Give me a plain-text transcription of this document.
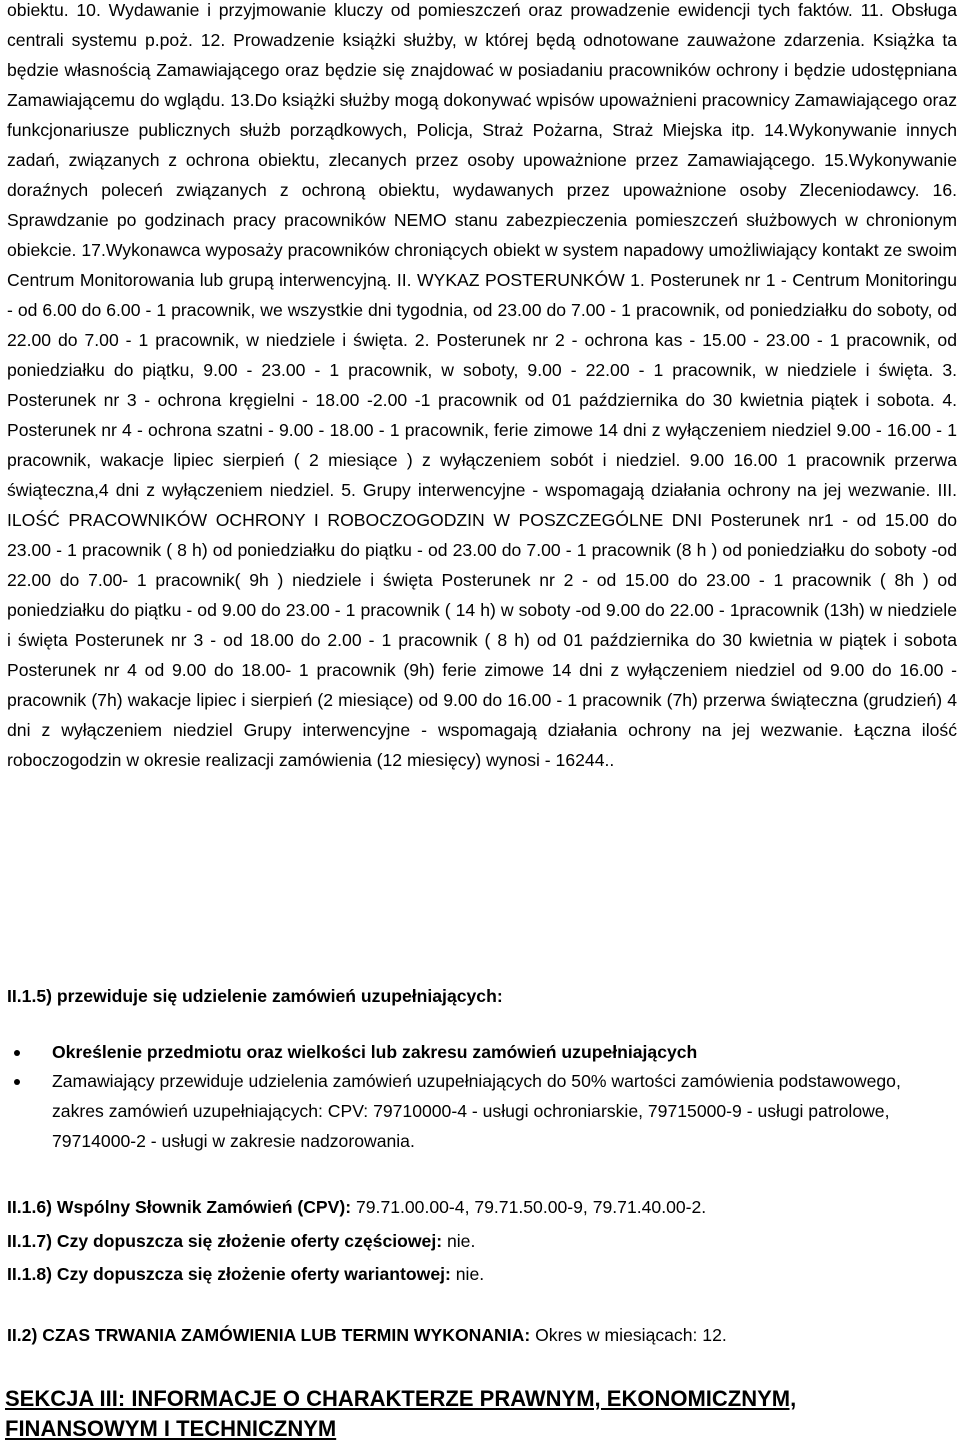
obiektu. 10. Wydawanie i przyjmowanie kluczy od pomieszczeń oraz prowadzenie ewidencji tych faktów. 11. Obsługa centrali systemu p.poż. 12. Prowadzenie książki służby, w której będą odnotowane zauważone zdarzenia. Książka ta będzie własnością Zamawiającego oraz będzie się znajdować w posiadaniu pracowników ochrony i będzie udostępniana Zamawiającemu do wglądu. 13.Do książki służby mogą dokonywać wpisów upoważnieni pracownicy Zamawiającego oraz funkcjonariusze publicznych służb porządkowych, Policja, Straż Pożarna, Straż Miejska itp. 14.Wykonywanie innych zadań, związanych z ochrona obiektu, zlecanych przez osoby upoważnione przez Zamawiającego. 15.Wykonywanie doraźnych poleceń związanych z ochroną obiektu, wydawanych przez upoważnione osoby Zleceniodawcy. 16. Sprawdzanie po godzinach pracy pracowników NEMO stanu zabezpieczenia pomieszczeń służbowych w chronionym obiekcie. 17.Wykonawca wyposaży pracowników chroniących obiekt w system napadowy umożliwiający kontakt ze swoim Centrum Monitorowania lub grupą interwencyjną. II. WYKAZ POSTERUNKÓW 1. Posterunek nr 1 - Centrum Monitoringu - od 6.00 do 6.00 - 1 pracownik, we wszystkie dni tygodnia, od 23.00 do 7.00 - 1 pracownik, od poniedziałku do soboty, od 22.00 do 7.00 - 1 pracownik, w niedziele i święta. 2. Posterunek nr 2 - ochrona kas - 15.00 - 23.00 - 1 pracownik, od poniedziałku do piątku, 9.00 - 23.00 - 1 pracownik, w soboty, 9.00 - 22.00 - 1 pracownik, w niedziele i święta. 3. Posterunek nr 3 - ochrona kręgielni - 18.00 -2.00 -1 pracownik od 01 października do 30 kwietnia piątek i sobota. 4. Posterunek nr 4 - ochrona szatni - 9.00 - 18.00 - 1 pracownik, ferie zimowe 14 dni z wyłączeniem niedziel 9.00 - 16.00 - 1 pracownik, wakacje lipiec sierpień ( 2 miesiące ) z wyłączeniem sobót i niedziel. 9.00 16.00 1 pracownik przerwa świąteczna,4 dni z wyłączeniem niedziel. 5. Grupy interwencyjne - wspomagają działania ochrony na jej wezwanie. III. ILOŚĆ PRACOWNIKÓW OCHRONY I ROBOCZOGODZIN W POSZCZEGÓLNE DNI Posterunek nr1 - od 15.00 do 23.00 - 1 pracownik ( 8 h) od poniedziałku do piątku - od 23.00 do 7.00 - 1 pracownik (8 h ) od poniedziałku do soboty -od 22.00 do 7.00- 1 pracownik( 9h ) niedziele i święta Posterunek nr 2 - od 15.00 do 23.00 - 1 pracownik ( 8h ) od poniedziałku do piątku - od 9.00 do 23.00 - 1 pracownik ( 14 h) w soboty -od 9.00 do 22.00 - 1pracownik (13h) w niedziele i święta Posterunek nr 3 - od 18.00 do 2.00 - 1 pracownik ( 8 h) od 01 października do 30 kwietnia w piątek i sobota Posterunek nr 4 od 9.00 do 18.00- 1 pracownik (9h) ferie zimowe 14 dni z wyłączeniem niedziel od 9.00 do 16.00 - pracownik (7h) wakacje lipiec i sierpień (2 miesiące) od 9.00 do 16.00 - 1 pracownik (7h) przerwa świąteczna (grudzień) 4 dni z wyłączeniem niedziel Grupy interwencyjne - wspomagają działania ochrony na jej wezwanie. Łączna ilość roboczogodzin w okresie realizacji zamówienia (12 miesięcy) wynosi - 16244..
II.1.5) przewiduje się udzielenie zamówień uzupełniających:
Określenie przedmiotu oraz wielkości lub zakresu zamówień uzupełniających
Zamawiający przewiduje udzielenia zamówień uzupełniających do 50% wartości zamówienia podstawowego, zakres zamówień uzupełniających: CPV: 79710000-4 - usługi ochroniarskie, 79715000-9 - usługi patrolowe, 79714000-2 - usługi w zakresie nadzorowania.
II.1.6) Wspólny Słownik Zamówień (CPV): 79.71.00.00-4, 79.71.50.00-9, 79.71.40.00-2.
II.1.7) Czy dopuszcza się złożenie oferty częściowej: nie.
II.1.8) Czy dopuszcza się złożenie oferty wariantowej: nie.
II.2) CZAS TRWANIA ZAMÓWIENIA LUB TERMIN WYKONANIA: Okres w miesiącach: 12.
SEKCJA III: INFORMACJE O CHARAKTERZE PRAWNYM, EKONOMICZNYM, FINANSOWYM I TECHNICZNYM
